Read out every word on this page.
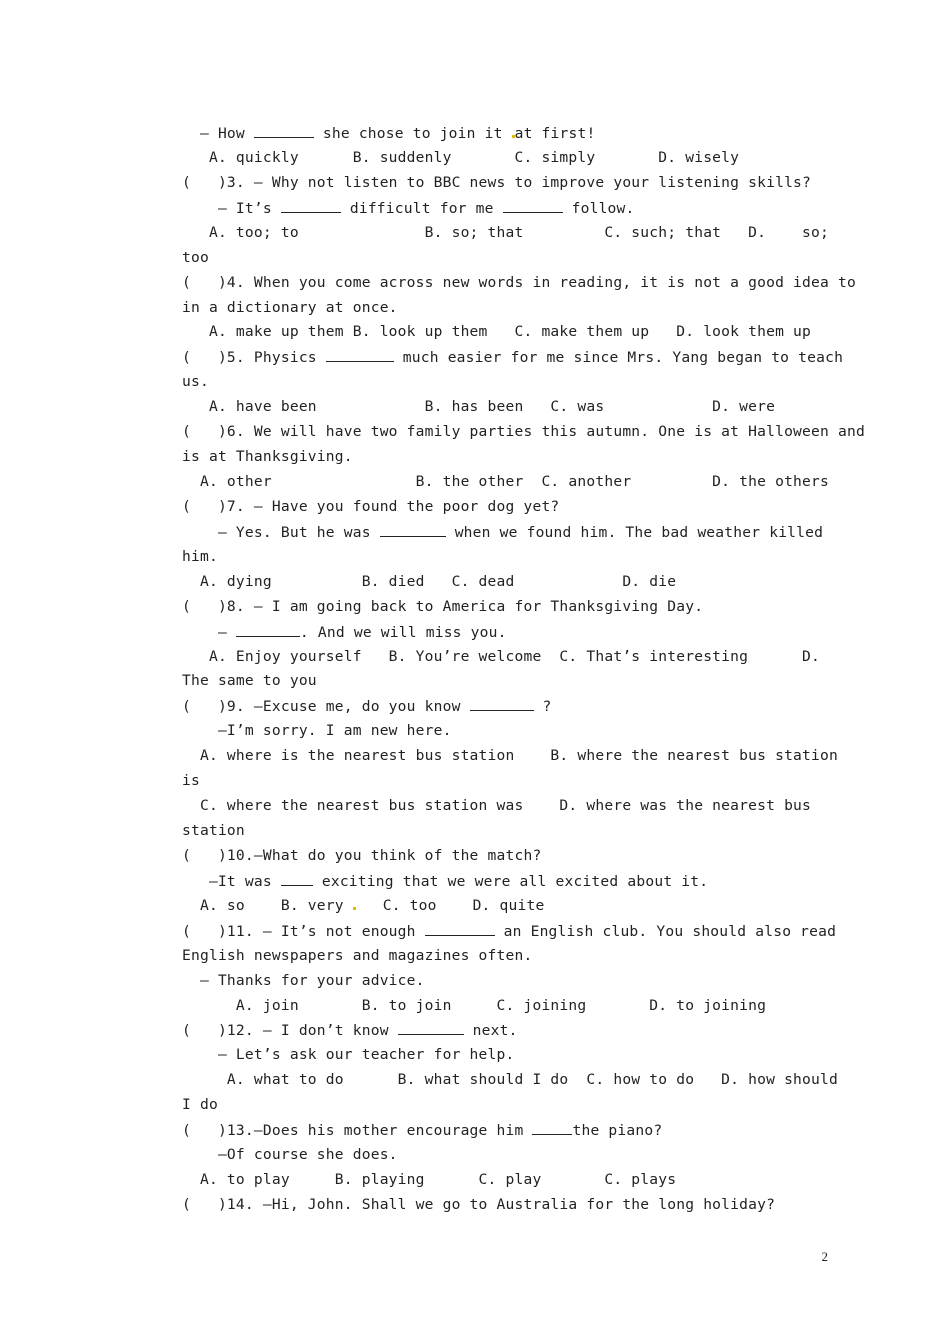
— How	she chose to join it at first!
A. quickly      B. suddenly       C. simply       D. wisely
(   )3. — Why not listen to BBC news to improve your listening skills?
— It’s	difficult for me	follow.
A. too; to              B. so; that         C. such; that   D.    so;
too
(   )4. When you come across new words in reading, it is not a good idea to
in a dictionary at once.
A. make up them B. look up them   C. make them up   D. look them up
(   )5. Physics	much easier for me since Mrs. Yang began to teach
us.
A. have been            B. has been   C. was            D. were
(   )6. We will have two family parties this autumn. One is at Halloween and
is at Thanksgiving.
A. other                B. the other  C. another         D. the others
(   )7. — Have you found the poor dog yet?
— Yes. But he was	when we found him. The bad weather killed
him.
A. dying          B. died   C. dead            D. die
(   )8. — I am going back to America for Thanksgiving Day.
—	. And we will miss you.
A. Enjoy yourself   B. You’re welcome  C. That’s interesting      D.
The same to you
(   )9. —Excuse me, do you know	?
—I’m sorry. I am new here.
A. where is the nearest bus station    B. where the nearest bus station
is
C. where the nearest bus station was    D. where was the nearest bus
station
(   )10.—What do you think of the match?
—It was  exciting that we were all excited about it.
A. so    B. very    C. too    D. quite
(   )11. — It’s not enough	an English club. You should also read
English newspapers and magazines often.
— Thanks for your advice.
A. join       B. to join     C. joining       D. to joining
(   )12. — I don’t know	next.
— Let’s ask our teacher for help.
A. what to do      B. what should I do  C. how to do   D. how should
I do
(   )13.—Does his mother encourage him	the piano?
—Of course she does.
A. to play     B. playing      C. play       C. plays
(   )14. —Hi, John. Shall we go to Australia for the long holiday?
2
